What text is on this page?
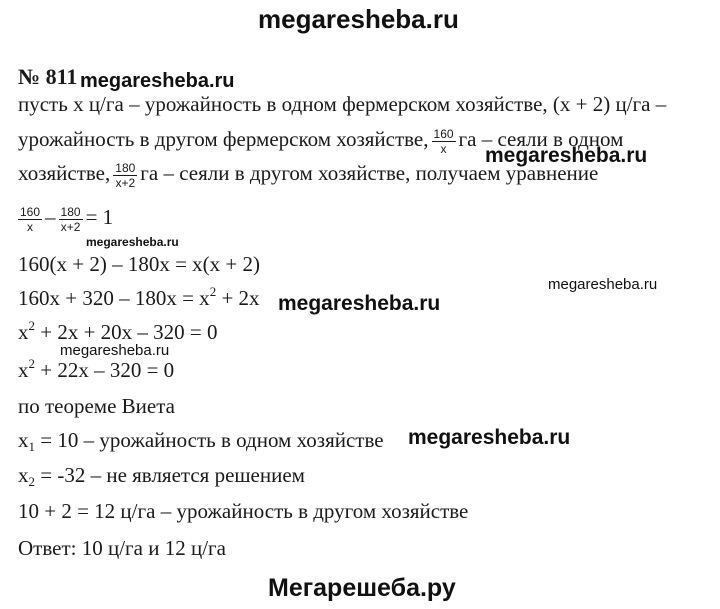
megaresheba.ru
№ 811 megaresheba.ru
пусть x ц/га – урожайность в одном фермерском хозяйстве, (x + 2) ц/га –
урожайность в другом фермерском хозяйстве, $\frac{160}{x}$ га – сеяли в одном
megaresheba.ru
хозяйстве, $\frac{180}{x+2}$ га – сеяли в другом хозяйстве, получаем уравнение
$\frac{160}{x} - \frac{180}{x+2} = 1$
megaresheba.ru
160(x + 2) – 180x = x(x + 2)
megaresheba.ru
$160x + 320 - 180x = x^2 + 2x$ megaresheba.ru
$x^2 + 2x + 20x - 320 = 0$
megaresheba.ru
$x^2 + 22x - 320 = 0$
по теореме Виета
$x_1 = 10$ – урожайность в одном хозяйстве megaresheba.ru
$x_2 = -32$ – не является решением
10 + 2 = 12 ц/га – урожайность в другом хозяйстве
Ответ: 10 ц/га и 12 ц/га
Мегарешеба.ру
